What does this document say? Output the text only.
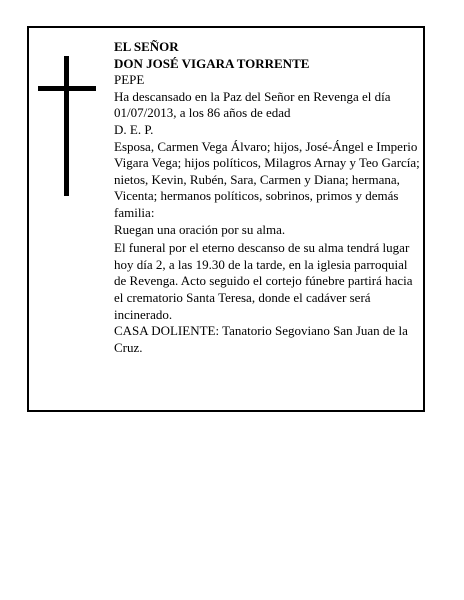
EL SEÑOR

DON JOSÉ VIGARA TORRENTE

PEPE

Ha descansado en la Paz del Señor en Revenga el día 01/07/2013, a los 86 años de edad

D. E. P.

Esposa, Carmen Vega Álvaro; hijos, José-Ángel e Imperio Vigara Vega; hijos políticos, Milagros Arnay y Teo García; nietos, Kevin, Rubén, Sara, Carmen y Diana; hermana, Vicenta; hermanos políticos, sobrinos, primos y demás familia:

Ruegan una oración por su alma.

El funeral por el eterno descanso de su alma tendrá lugar hoy día 2, a las 19.30 de la tarde, en la iglesia parroquial de Revenga. Acto seguido el cortejo fúnebre partirá hacia el crematorio Santa Teresa, donde el cadáver será incinerado.

CASA DOLIENTE: Tanatorio Segoviano San Juan de la Cruz.
